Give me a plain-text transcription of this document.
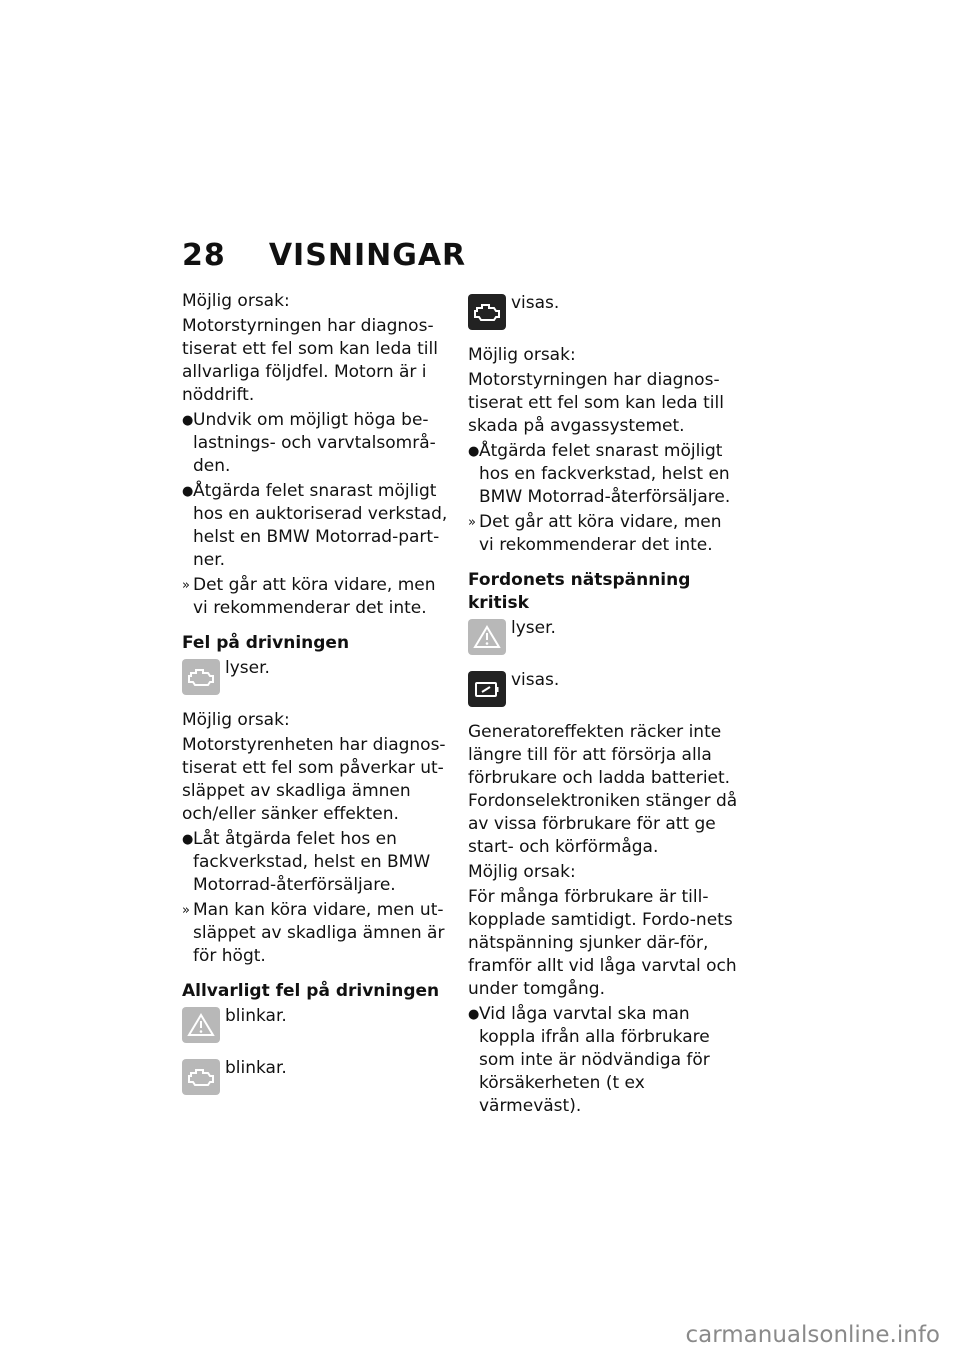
28 VISNINGAR
Möjlig orsak:
Motorstyrningen har diagnos-tiserat ett fel som kan leda till allvarliga följdfel. Motorn är i nöddrift.
● Undvik om möjligt höga be-lastnings- och varvtalsområ-den.
● Åtgärda felet snarast möjligt hos en auktoriserad verkstad, helst en BMW Motorrad-part-ner.
» Det går att köra vidare, men vi rekommenderar det inte.
Fel på drivningen
lyser.
Möjlig orsak:
Motorstyrenheten har diagnos-tiserat ett fel som påverkar ut-släppet av skadliga ämnen och/eller sänker effekten.
● Låt åtgärda felet hos en fackverkstad, helst en BMW Motorrad-återförsäljare.
» Man kan köra vidare, men ut-släppet av skadliga ämnen är för högt.
Allvarligt fel på drivningen
blinkar.
blinkar.
visas.
Möjlig orsak:
Motorstyrningen har diagnos-tiserat ett fel som kan leda till skada på avgassystemet.
● Åtgärda felet snarast möjligt hos en fackverkstad, helst en BMW Motorrad-återförsäljare.
» Det går att köra vidare, men vi rekommenderar det inte.
Fordonets nätspänning kritisk
lyser.
visas.
Generatoreffekten räcker inte längre till för att försörja alla förbrukare och ladda batteriet. Fordonselektroniken stänger då av vissa förbrukare för att ge start- och körförmåga.
Möjlig orsak:
För många förbrukare är till-kopplade samtidigt. Fordo-nets nätspänning sjunker där-för, framför allt vid låga varvtal och under tomgång.
● Vid låga varvtal ska man koppla ifrån alla förbrukare som inte är nödvändiga för körsäkerheten (t ex värmeväst).
carmanualsonline.info
